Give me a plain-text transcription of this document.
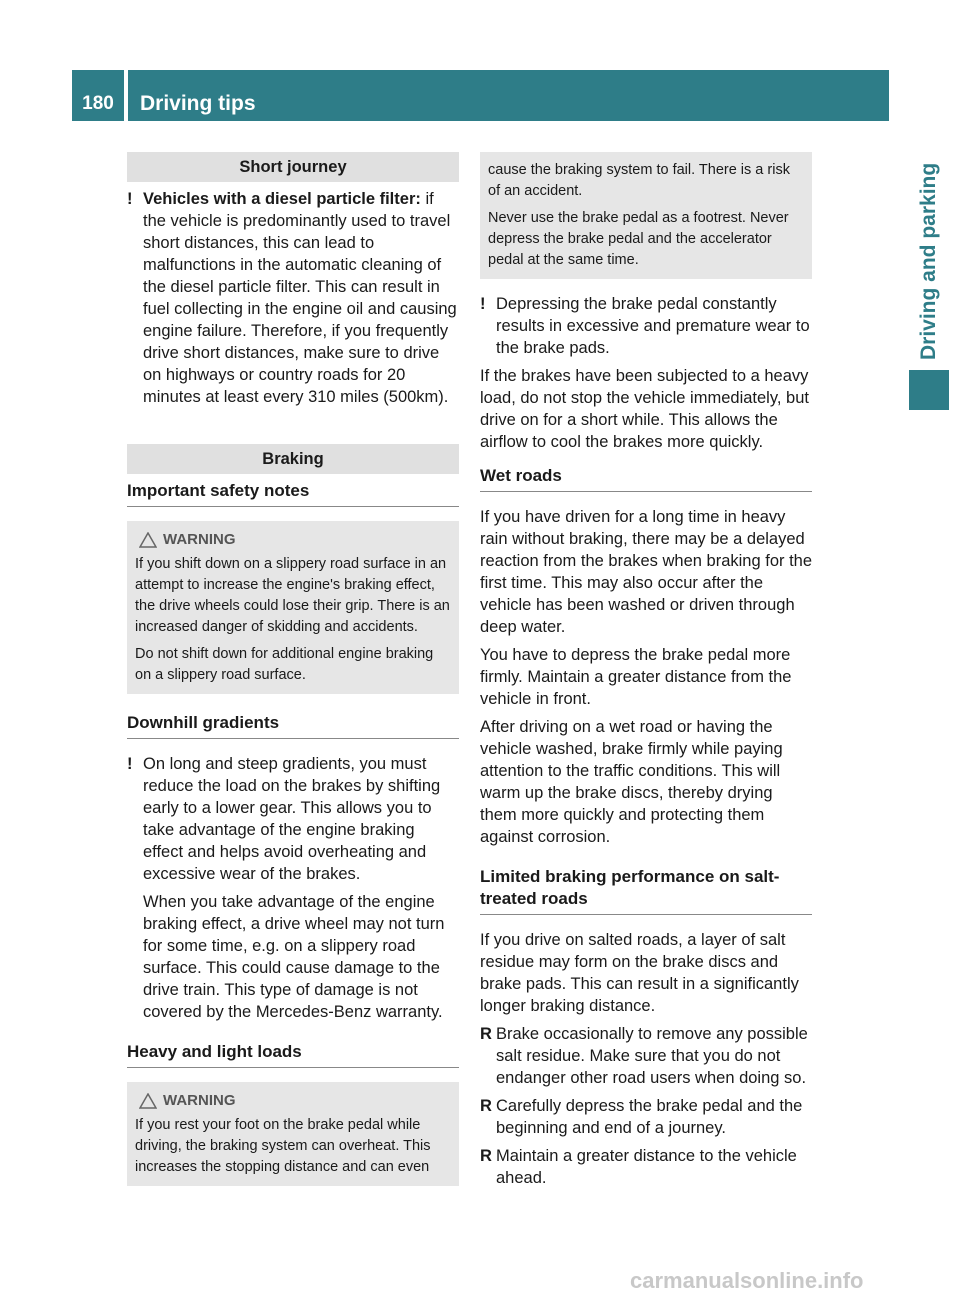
180	Driving tips
Driving and parking
Short journey
! Vehicles with a diesel particle filter: if the vehicle is predominantly used to travel short distances, this can lead to malfunctions in the automatic cleaning of the diesel particle filter. This can result in fuel collecting in the engine oil and causing engine failure. Therefore, if you frequently drive short distances, make sure to drive on highways or country roads for 20 minutes at least every 310 miles (500km).
Braking
Important safety notes
WARNING

If you shift down on a slippery road surface in an attempt to increase the engine's braking effect, the drive wheels could lose their grip. There is an increased danger of skidding and accidents.

Do not shift down for additional engine braking on a slippery road surface.

Downhill gradients
! On long and steep gradients, you must reduce the load on the brakes by shifting early to a lower gear. This allows you to take advantage of the engine braking effect and helps avoid overheating and excessive wear of the brakes.
When you take advantage of the engine braking effect, a drive wheel may not turn for some time, e.g. on a slippery road surface. This could cause damage to the drive train. This type of damage is not covered by the Mercedes-Benz warranty.
Heavy and light loads
WARNING

If you rest your foot on the brake pedal while driving, the braking system can overheat. This increases the stopping distance and can even

cause the braking system to fail. There is a risk of an accident.

Never use the brake pedal as a footrest. Never depress the brake pedal and the accelerator pedal at the same time.

! Depressing the brake pedal constantly results in excessive and premature wear to the brake pads.

If the brakes have been subjected to a heavy load, do not stop the vehicle immediately, but drive on for a short while. This allows the airflow to cool the brakes more quickly.

Wet roads

If you have driven for a long time in heavy rain without braking, there may be a delayed reaction from the brakes when braking for the first time. This may also occur after the vehicle has been washed or driven through deep water.

You have to depress the brake pedal more firmly. Maintain a greater distance from the vehicle in front.

After driving on a wet road or having the vehicle washed, brake firmly while paying attention to the traffic conditions. This will warm up the brake discs, thereby drying them more quickly and protecting them against corrosion.

Limited braking performance on salt-treated roads

If you drive on salted roads, a layer of salt residue may form on the brake discs and brake pads. This can result in a significantly longer braking distance.

R Brake occasionally to remove any possible salt residue. Make sure that you do not endanger other road users when doing so.
R Carefully depress the brake pedal and the beginning and end of a journey.
R Maintain a greater distance to the vehicle ahead.
carmanualsonline.info
